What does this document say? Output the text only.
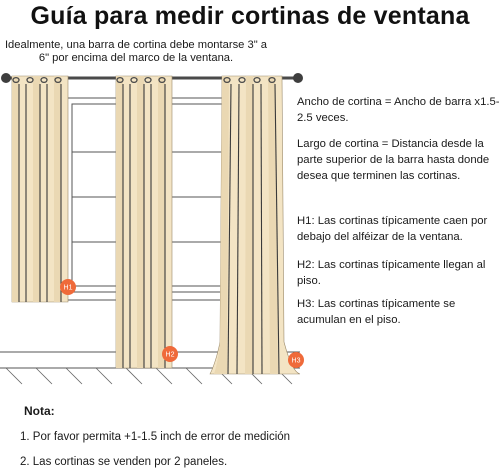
Guía para medir cortinas de ventana
Idealmente, una barra de cortina debe montarse 3" a 6" por encima del marco de la ventana.
H1
H2
H3
Ancho de cortina = Ancho de barra x1.5-2.5 veces.
Largo de cortina = Distancia desde la parte superior de la barra hasta donde desea que terminen las cortinas.
H1: Las cortinas típicamente caen por debajo del alféizar de la ventana.
H2: Las cortinas típicamente llegan al piso.
H3: Las cortinas típicamente se acumulan en el piso.
Nota:
1. Por favor permita +1-1.5 inch de error de medición
2. Las cortinas se venden por 2 paneles.
